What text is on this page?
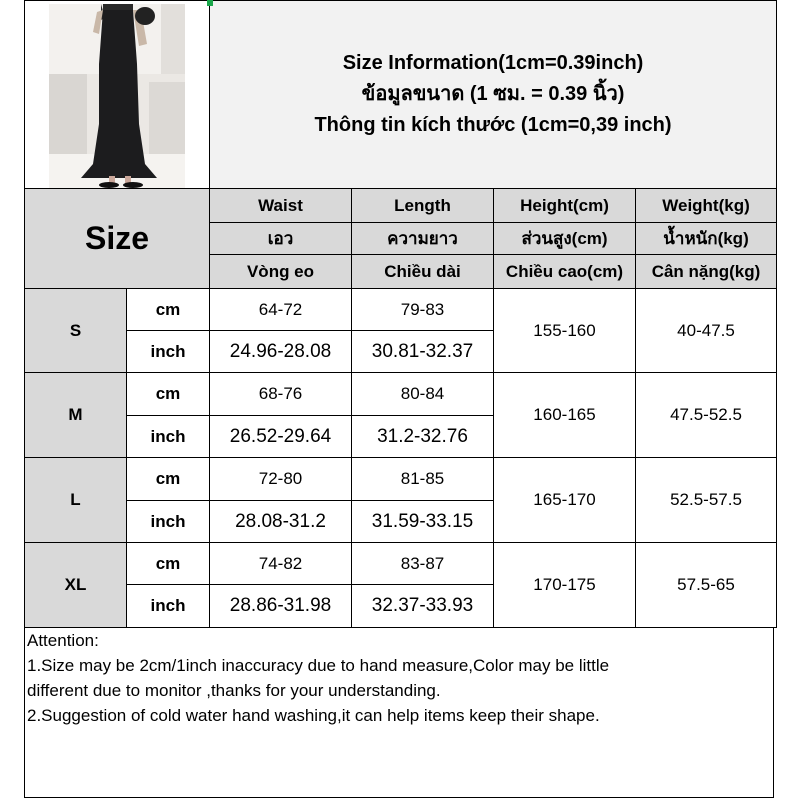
Size Information(1cm=0.39inch)
ข้อมูลขนาด (1 ซม. = 0.39 นิ้ว)
Thông tin kích thước (1cm=0,39 inch)			

Size		Waist	Length	Height(cm)	Weight(kg)
		เอว	ความยาว	ส่วนสูง(cm)	น้ำหนัก(kg)
		Vòng eo	Chiều dài	Chiều cao(cm)	Cân nặng(kg)
S	cm	64-72	79-83	155-160	40-47.5
	inch	24.96-28.08	30.81-32.37		
M	cm	68-76	80-84	160-165	47.5-52.5
	inch	26.52-29.64	31.2-32.76		
L	cm	72-80	81-85	165-170	52.5-57.5
	inch	28.08-31.2	31.59-33.15		
XL	cm	74-82	83-87	170-175	57.5-65
	inch	28.86-31.98	32.37-33.93		
Attention:
1.Size may be 2cm/1inch inaccuracy due to hand measure,Color may be little
different due to monitor ,thanks for your understanding.
2.Suggestion of cold water hand washing,it can help items keep their shape.
